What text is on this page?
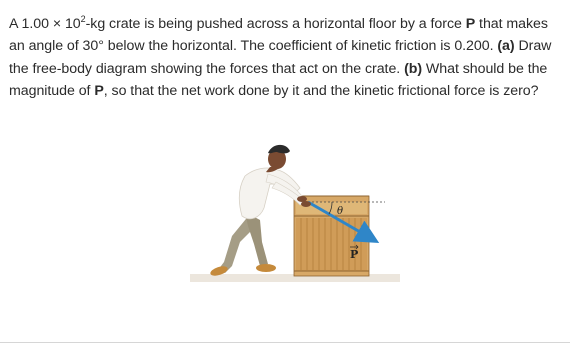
A $1.00 \times 10^2-kg$ crate is being pushed across a horizontal floor by a force P that makes an angle of 30° below the horizontal. The coefficient of kinetic friction is 0.200. (a) Draw the free-body diagram showing the forces that act on the crate. (b) What should be the magnitude of P, so that the net work done by it and the kinetic frictional force is zero?
θ
P
